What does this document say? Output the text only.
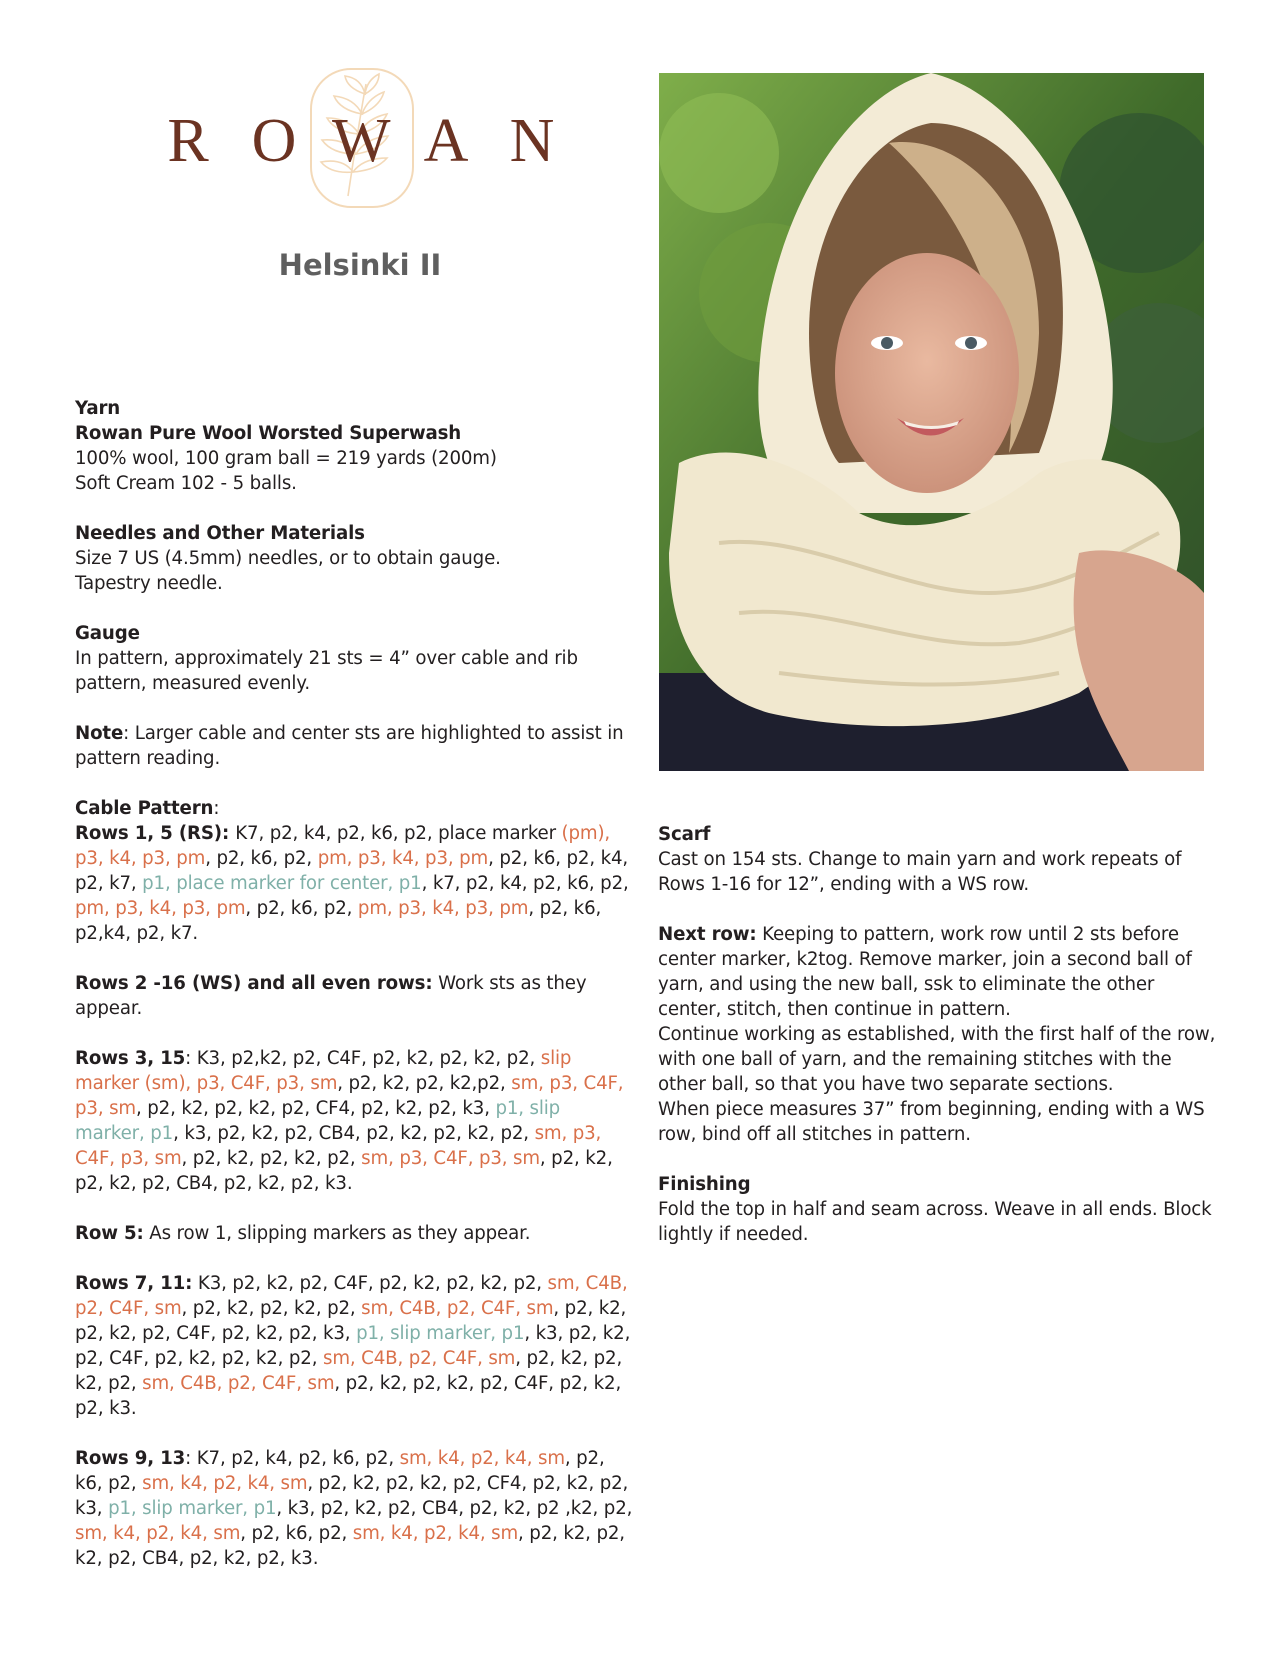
R O W A N
Helsinki II
Yarn
Rowan Pure Wool Worsted Superwash
100% wool, 100 gram ball = 219 yards (200m)
Soft Cream 102 - 5 balls.
Needles and Other Materials
Size 7 US (4.5mm) needles, or to obtain gauge.
Tapestry needle.
Gauge
In pattern, approximately 21 sts = 4” over cable and rib pattern, measured evenly.
Note: Larger cable and center sts are highlighted to assist in pattern reading.
Cable Pattern:
Rows 1, 5 (RS): K7, p2, k4, p2, k6, p2, place marker (pm), p3, k4, p3, pm, p2, k6, p2, pm, p3, k4, p3, pm, p2, k6, p2, k4, p2, k7, p1, place marker for center, p1, k7, p2, k4, p2, k6, p2, pm, p3, k4, p3, pm, p2, k6, p2, pm, p3, k4, p3, pm, p2, k6, p2,k4, p2, k7.
Rows 2 -16 (WS) and all even rows: Work sts as they appear.
Rows 3, 15: K3, p2,k2, p2, C4F, p2, k2, p2, k2, p2, slip marker (sm), p3, C4F, p3, sm, p2, k2, p2, k2,p2, sm, p3, C4F, p3, sm, p2, k2, p2, k2, p2, CF4, p2, k2, p2, k3, p1, slip marker, p1, k3, p2, k2, p2, CB4, p2, k2, p2, k2, p2, sm, p3, C4F, p3, sm, p2, k2, p2, k2, p2, sm, p3, C4F, p3, sm, p2, k2, p2, k2, p2, CB4, p2, k2, p2, k3.
Row 5: As row 1, slipping markers as they appear.
Rows 7, 11: K3, p2, k2, p2, C4F, p2, k2, p2, k2, p2, sm, C4B, p2, C4F, sm, p2, k2, p2, k2, p2, sm, C4B, p2, C4F, sm, p2, k2, p2, k2, p2, C4F, p2, k2, p2, k3, p1, slip marker, p1, k3, p2, k2, p2, C4F, p2, k2, p2, k2, p2, sm, C4B, p2, C4F, sm, p2, k2, p2, k2, p2, sm, C4B, p2, C4F, sm, p2, k2, p2, k2, p2, C4F, p2, k2, p2, k3.
Rows 9, 13: K7, p2, k4, p2, k6, p2, sm, k4, p2, k4, sm, p2, k6, p2, sm, k4, p2, k4, sm, p2, k2, p2, k2, p2, CF4, p2, k2, p2, k3, p1, slip marker, p1, k3, p2, k2, p2, CB4, p2, k2, p2 ,k2, p2, sm, k4, p2, k4, sm, p2, k6, p2, sm, k4, p2, k4, sm, p2, k2, p2, k2, p2, CB4, p2, k2, p2, k3.
Scarf
Cast on 154 sts. Change to main yarn and work repeats of Rows 1-16 for 12”, ending with a WS row.
Next row: Keeping to pattern, work row until 2 sts before center marker, k2tog. Remove marker, join a second ball of yarn, and using the new ball, ssk to eliminate the other center, stitch, then continue in pattern.
Continue working as established, with the first half of the row, with one ball of yarn, and the remaining stitches with the other ball, so that you have two separate sections.
When piece measures 37” from beginning, ending with a WS row, bind off all stitches in pattern.
Finishing
Fold the top in half and seam across. Weave in all ends. Block lightly if needed.
